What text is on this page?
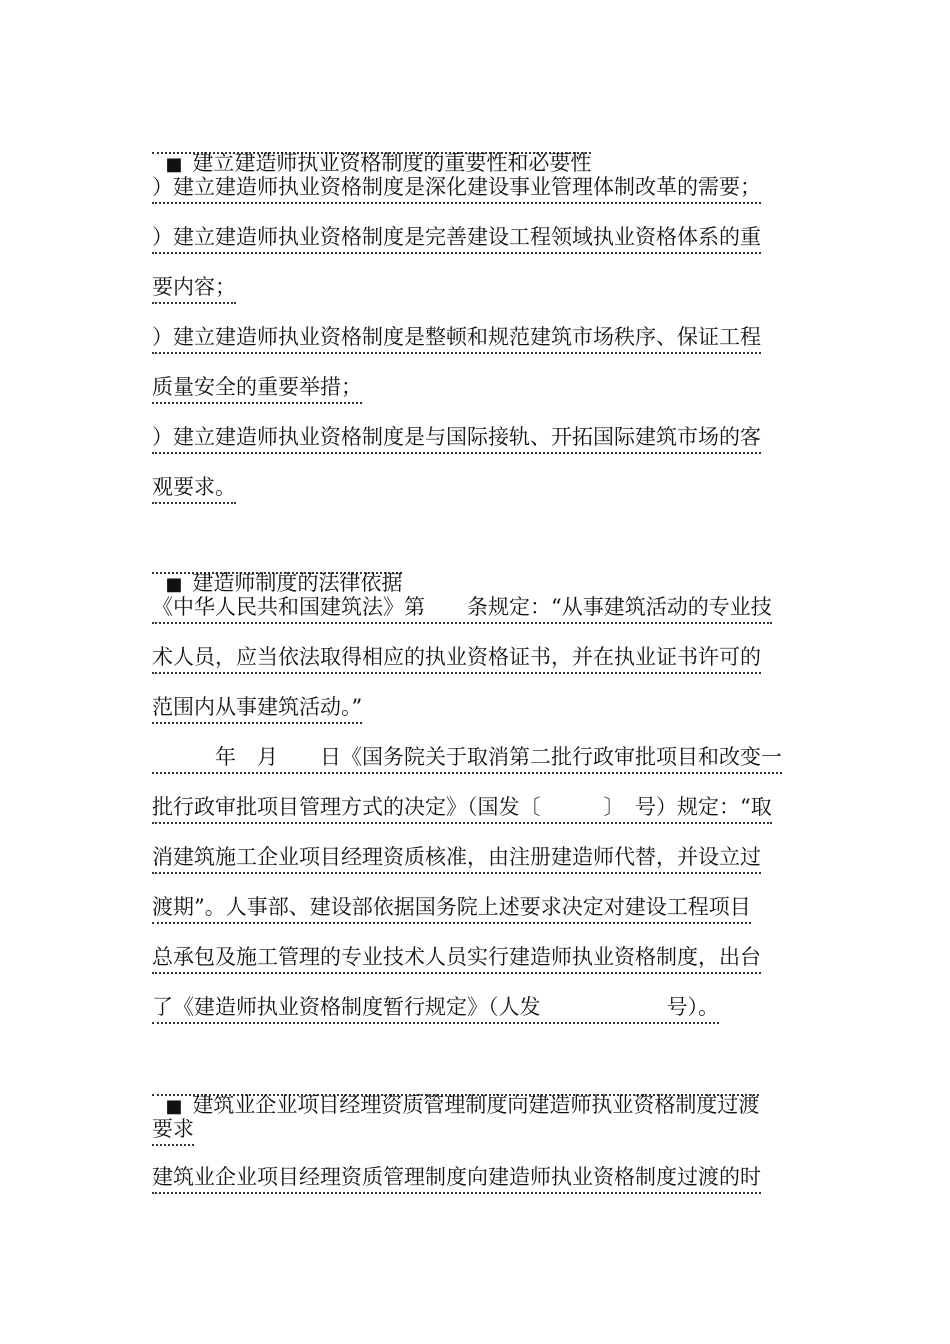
■ 建立建造师执业资格制度的重要性和必要性

）建立建造师执业资格制度是深化建设事业管理体制改革的需要；
）建立建造师执业资格制度是完善建设工程领域执业资格体系的重
要内容；
）建立建造师执业资格制度是整顿和规范建筑市场秩序、保证工程
质量安全的重要举措；
）建立建造师执业资格制度是与国际接轨、开拓国际建筑市场的客
观要求。

■ 建造师制度的法律依据

《中华人民共和国建筑法》第　　条规定：“从事建筑活动的专业技
术人员，应当依法取得相应的执业资格证书，并在执业证书许可的
范围内从事建筑活动。”
　　　年　月　　日《国务院关于取消第二批行政审批项目和改变一
批行政审批项目管理方式的决定》（国发〔　　　〕　号）规定：“取
消建筑施工企业项目经理资质核准，由注册建造师代替，并设立过
渡期”。人事部、建设部依据国务院上述要求决定对建设工程项目
总承包及施工管理的专业技术人员实行建造师执业资格制度，出台
了《建造师执业资格制度暂行规定》（人发　　　　　　号）。

■ 建筑业企业项目经理资质管理制度向建造师执业资格制度过渡

要求
建筑业企业项目经理资质管理制度向建造师执业资格制度过渡的时
